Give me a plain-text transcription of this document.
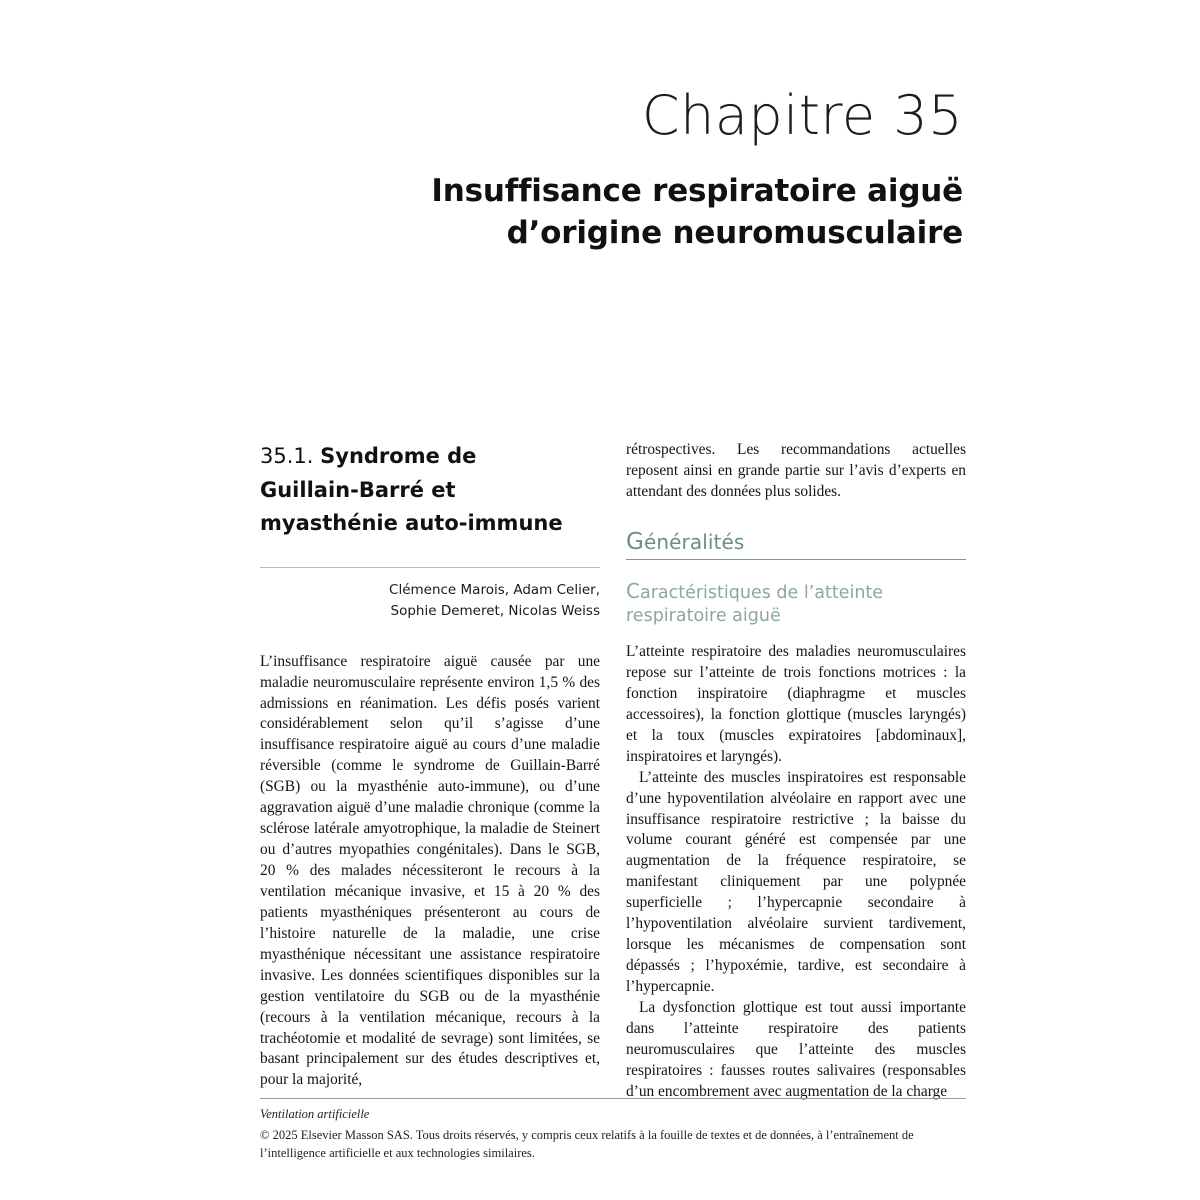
Chapitre 35
Insuffisance respiratoire aiguë
d’origine neuromusculaire
35.1. Syndrome de
Guillain-Barré et
myasthénie auto-immune
Clémence Marois, Adam Celier,
Sophie Demeret, Nicolas Weiss

L’insuffisance respiratoire aiguë causée par une maladie neuromusculaire représente environ 1,5 % des admissions en réanimation. Les défis posés varient considérablement selon qu’il s’agisse d’une insuffisance respiratoire aiguë au cours d’une maladie réversible (comme le syndrome de Guillain-Barré (SGB) ou la myasthénie auto-immune), ou d’une aggravation aiguë d’une maladie chronique (comme la sclérose latérale amyotrophique, la maladie de Steinert ou d’autres myopathies congénitales). Dans le SGB, 20 % des malades nécessiteront le recours à la ventilation mécanique invasive, et 15 à 20 % des patients myasthéniques présenteront au cours de l’histoire naturelle de la maladie, une crise myasthénique nécessitant une assistance respiratoire invasive. Les données scientifiques disponibles sur la gestion ventilatoire du SGB ou de la myasthénie (recours à la ventilation mécanique, recours à la trachéotomie et modalité de sevrage) sont limitées, se basant principalement sur des études descriptives et, pour la majorité,

rétrospectives. Les recommandations actuelles reposent ainsi en grande partie sur l’avis d’experts en attendant des données plus solides.

Généralités
Caractéristiques de l’atteinte respiratoire aiguë

L’atteinte respiratoire des maladies neuromusculaires repose sur l’atteinte de trois fonctions motrices : la fonction inspiratoire (diaphragme et muscles accessoires), la fonction glottique (muscles laryngés) et la toux (muscles expiratoires [abdominaux], inspiratoires et laryngés).

L’atteinte des muscles inspiratoires est responsable d’une hypoventilation alvéolaire en rapport avec une insuffisance respiratoire restrictive ; la baisse du volume courant généré est compensée par une augmentation de la fréquence respiratoire, se manifestant cliniquement par une polypnée superficielle ; l’hypercapnie secondaire à l’hypoventilation alvéolaire survient tardivement, lorsque les mécanismes de compensation sont dépassés ; l’hypoxémie, tardive, est secondaire à l’hypercapnie.

La dysfonction glottique est tout aussi importante dans l’atteinte respiratoire des patients neuromusculaires que l’atteinte des muscles respiratoires : fausses routes salivaires (responsables d’un encombrement avec augmentation de la charge

Ventilation artificielle
© 2025 Elsevier Masson SAS. Tous droits réservés, y compris ceux relatifs à la fouille de textes et de données, à l’entraînement de
l’intelligence artificielle et aux technologies similaires.
